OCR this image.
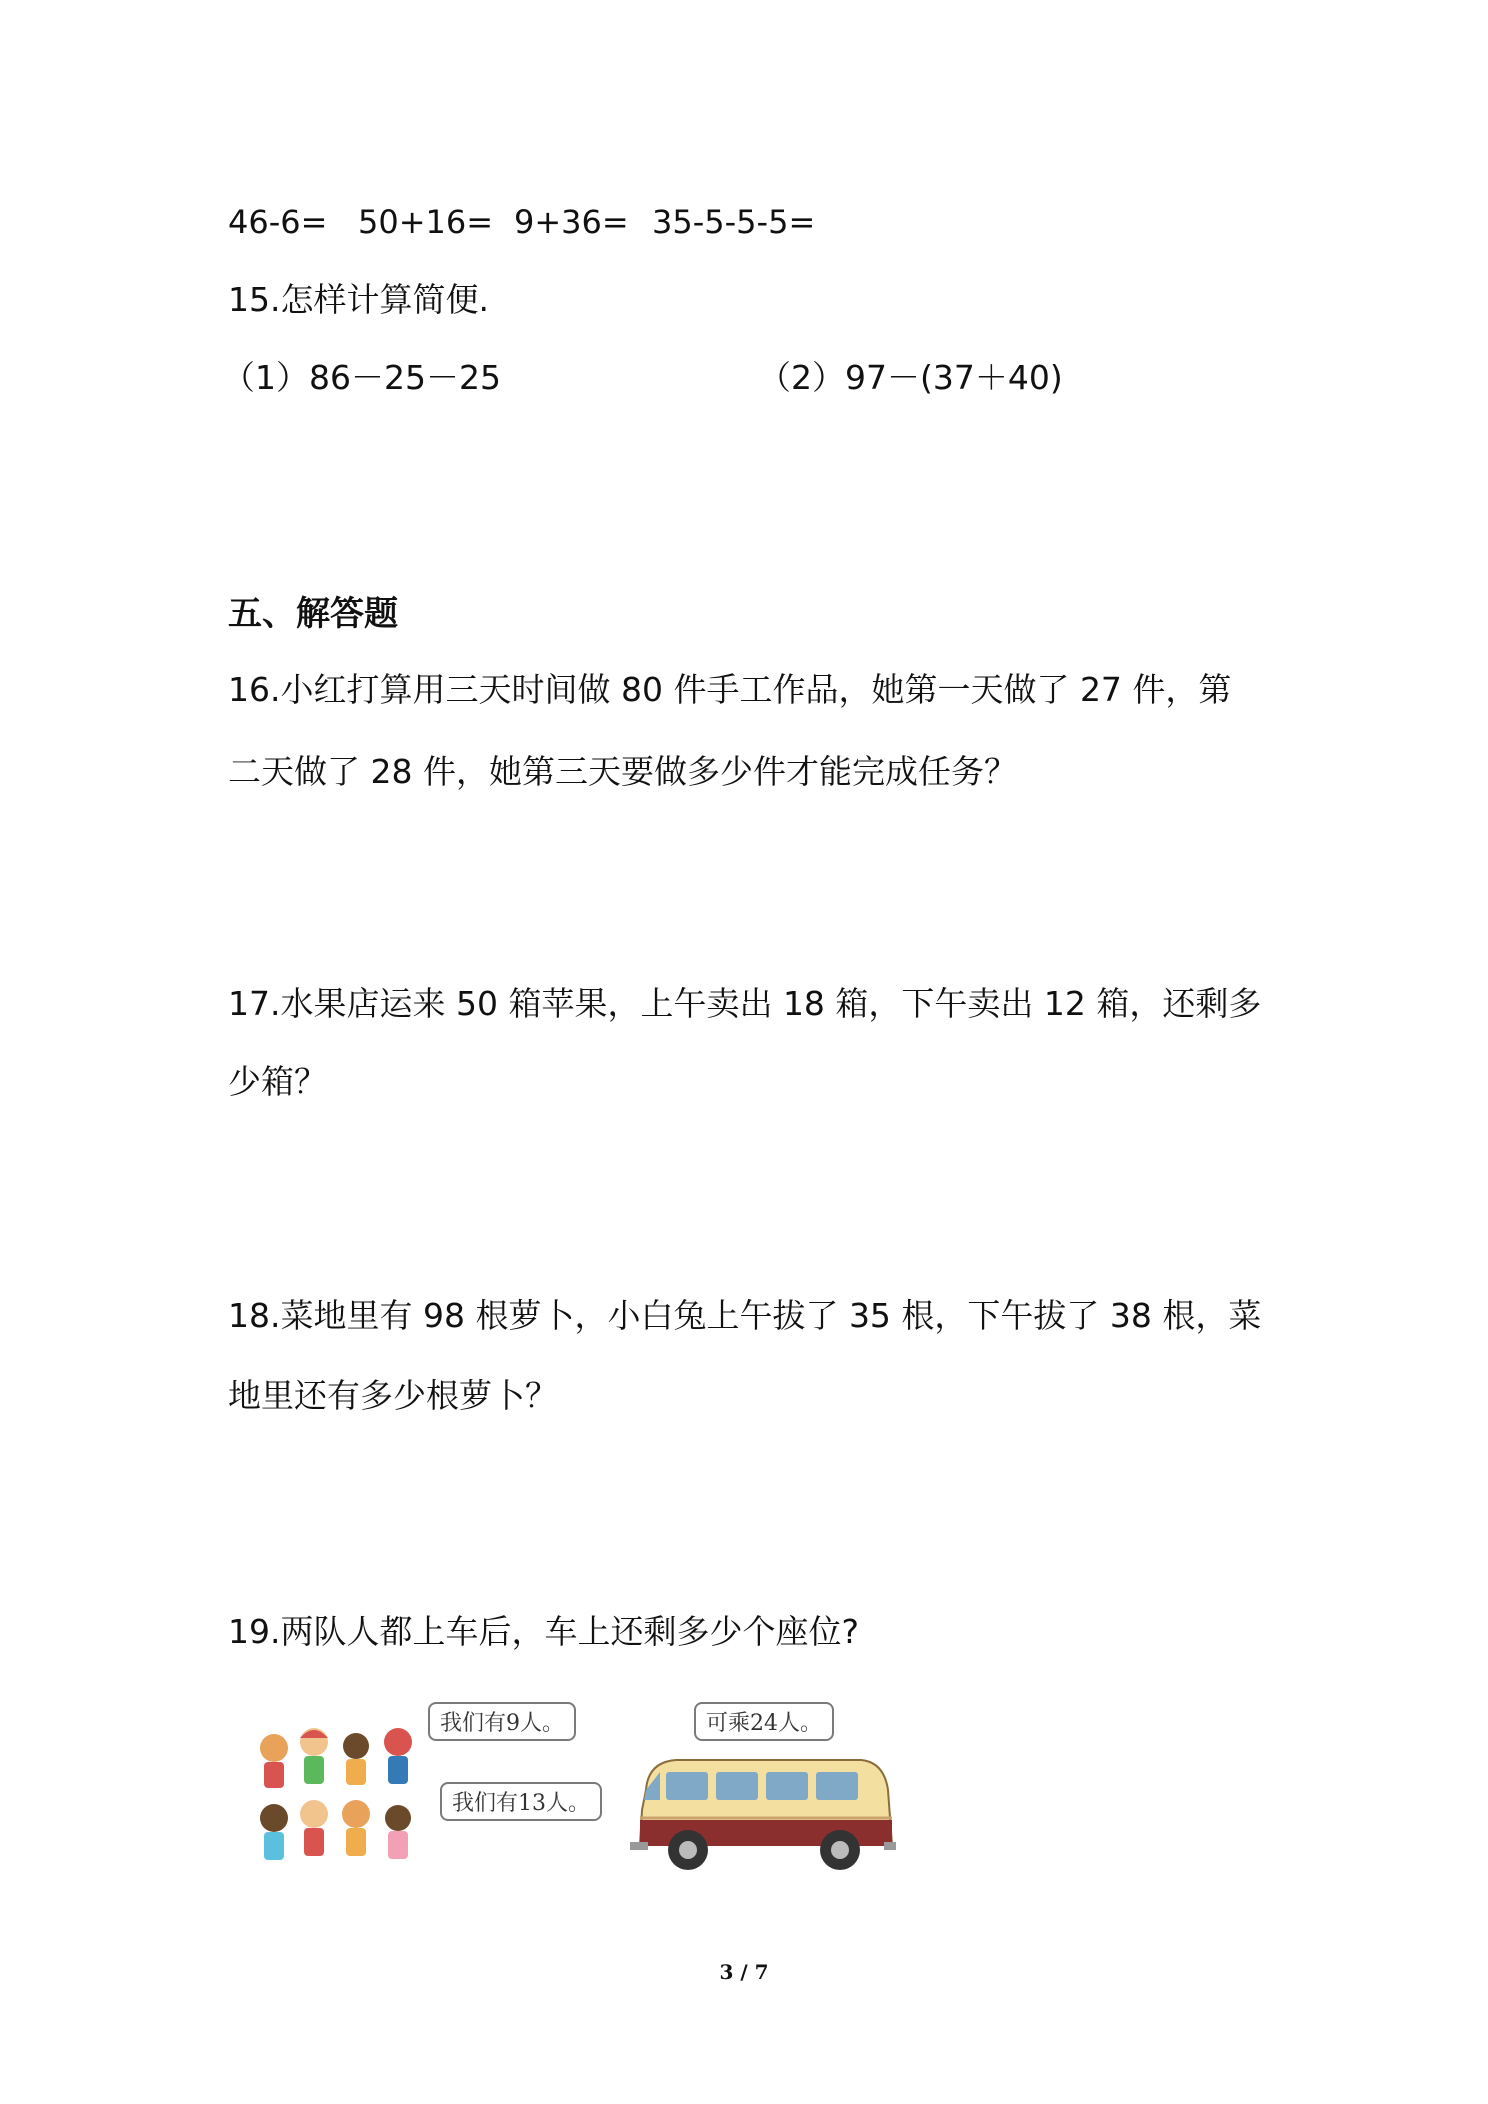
46-6= 50+16= 9+36= 35-5-5-5=
15.怎样计算简便.
（1）86－25－25	（2）97－(37＋40)
五、解答题
16.小红打算用三天时间做 80 件手工作品，她第一天做了 27 件，第
二天做了 28 件，她第三天要做多少件才能完成任务？
17.水果店运来 50 箱苹果，上午卖出 18 箱，下午卖出 12 箱，还剩多
少箱？
18.菜地里有 98 根萝卜，小白兔上午拔了 35 根，下午拔了 38 根，菜
地里还有多少根萝卜？
19.两队人都上车后，车上还剩多少个座位?
我们有9人。
我们有13人。
可乘24人。
3 / 7
